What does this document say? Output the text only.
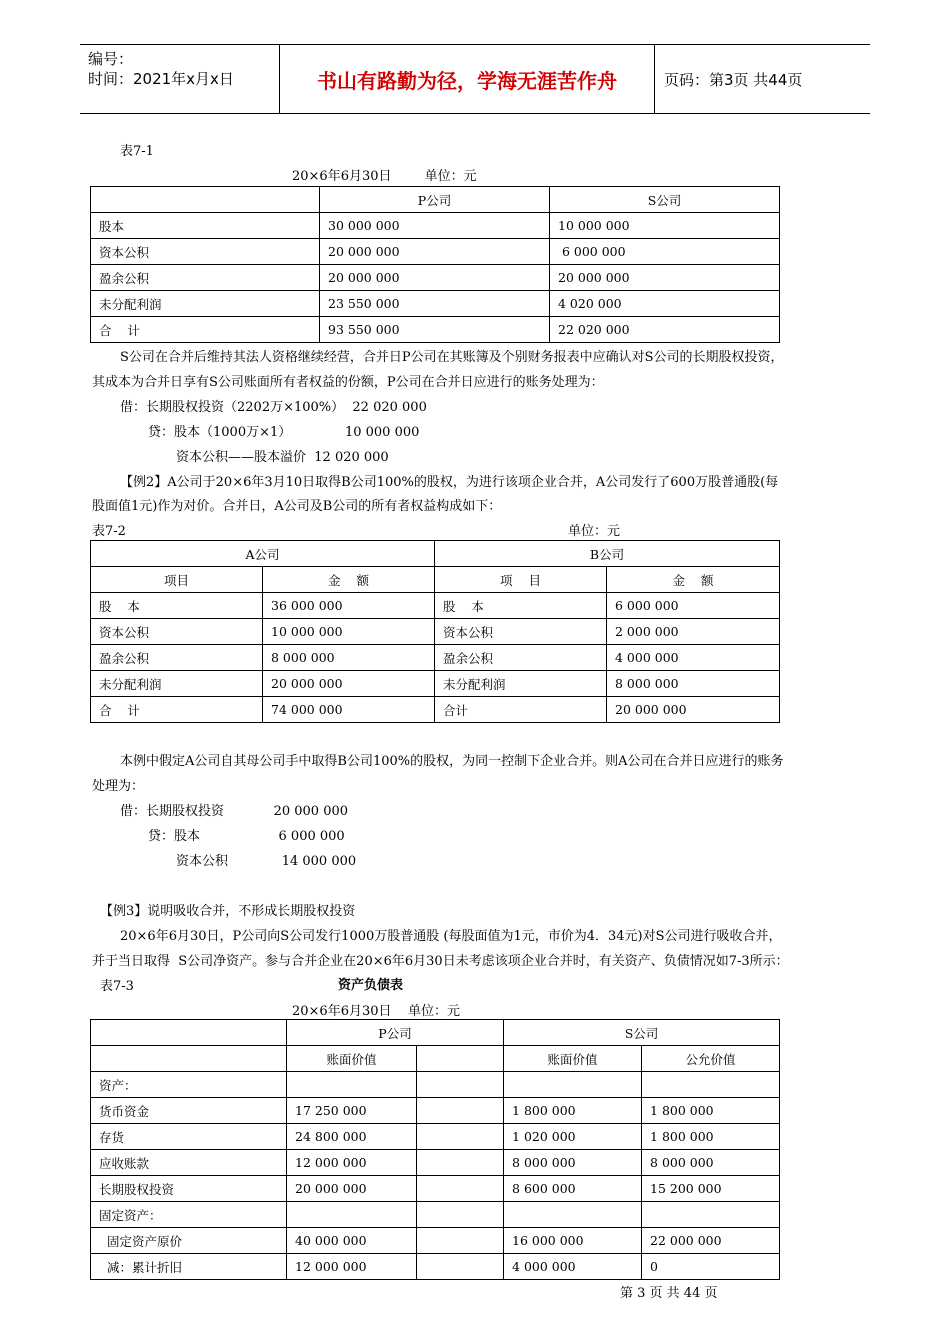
编号：
时间：2021年x月x日	书山有路勤为径，学海无涯苦作舟	页码：第3页 共44页
表7-1
20×6年6月30日        单位：元
	P公司	S公司
股本	30 000 000	10 000 000
资本公积	20 000 000	6 000 000
盈余公积	20 000 000	20 000 000
未分配利润	23 550 000	4 020 000
合    计	93 550 000	22 020 000
S公司在合并后维持其法人资格继续经营，合并日P公司在其账簿及个别财务报表中应确认对S公司的长期股权投资，
其成本为合并日享有S公司账面所有者权益的份额，P公司在合并日应进行的账务处理为：
借：长期股权投资（2202万×100%）  22 020 000
贷：股本（1000万×1）             10 000 000
资本公积——股本溢价  12 020 000
【例2】A公司于20×6年3月10日取得B公司100%的股权，为进行该项企业合并，A公司发行了600万股普通股(每
股面值1元)作为对价。合并日，A公司及B公司的所有者权益构成如下：
表7-2	单位：元
A公司		B公司	
项目	金    额	项    目	金    额
股    本	36 000 000	股    本	6 000 000
资本公积	10 000 000	资本公积	2 000 000
盈余公积	8 000 000	盈余公积	4 000 000
未分配利润	20 000 000	未分配利润	8 000 000
合    计	74 000 000	合计	20 000 000
本例中假定A公司自其母公司手中取得B公司100%的股权，为同一控制下企业合并。则A公司在合并日应进行的账务
处理为：
借：长期股权投资            20 000 000
贷：股本                   6 000 000
资本公积             14 000 000
【例3】说明吸收合并，不形成长期股权投资
20×6年6月30日，P公司向S公司发行1000万股普通股 (每股面值为1元，市价为4．34元)对S公司进行吸收合并，
并于当日取得  S公司净资产。参与合并企业在20×6年6月30日未考虑该项企业合并时，有关资产、负债情况如7-3所示：
表7-3	资产负债表
20×6年6月30日    单位：元
	P公司		S公司	
	账面价值		账面价值	公允价值
资产：				
货币资金	17 250 000		1 800 000	1 800 000
存货	24 800 000		1 020 000	1 800 000
应收账款	12 000 000		8 000 000	8 000 000
长期股权投资	20 000 000		8 600 000	15 200 000
固定资产：				
固定资产原价	40 000 000		16 000 000	22 000 000
减：累计折旧	12 000 000		4 000 000	0
第 3 页 共 44 页
